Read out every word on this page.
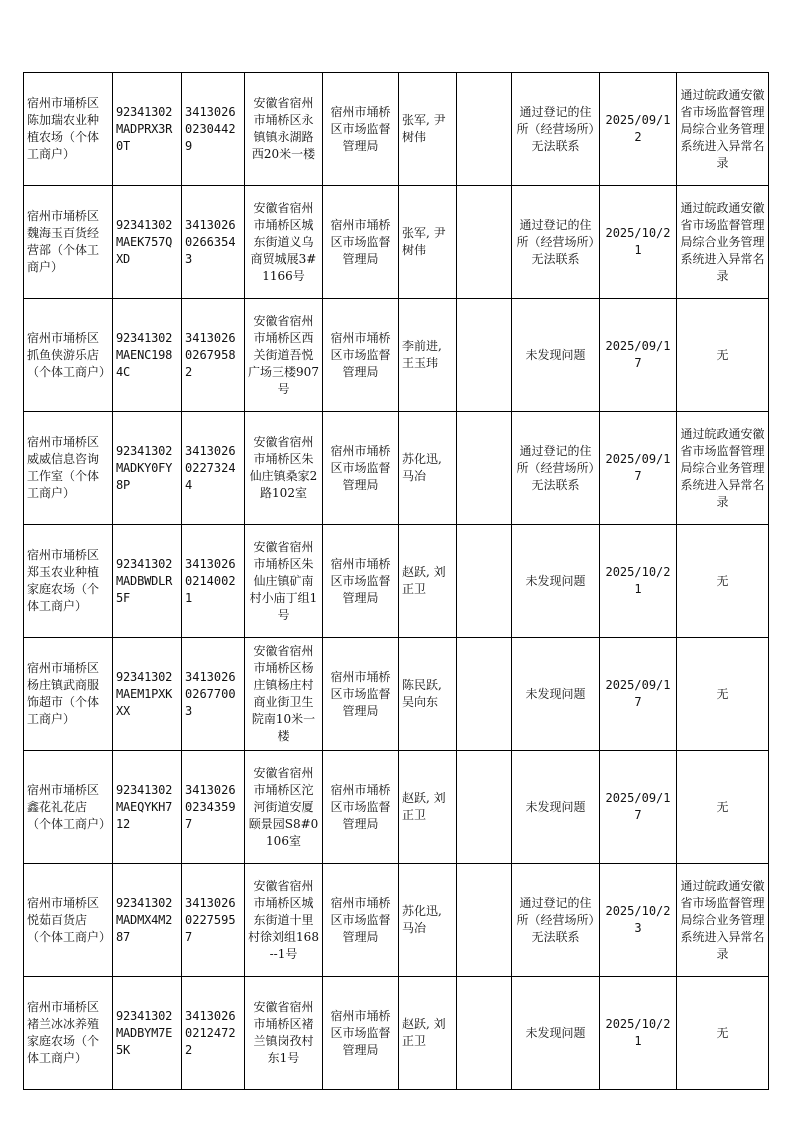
宿州市埇桥区陈加瑞农业种植农场（个体工商户）	92341302MADPRX3R0T	341302602304429	安徽省宿州市埇桥区永镇镇永湖路西20米一楼	宿州市埇桥区市场监督管理局	张军, 尹树伟		通过登记的住所（经营场所）无法联系	2025/09/12	通过皖政通安徽省市场监督管理局综合业务管理系统进入异常名录
宿州市埇桥区魏海玉百货经营部（个体工商户）	92341302MAEK757QXD	341302602663543	安徽省宿州市埇桥区城东街道义乌商贸城展3#1166号	宿州市埇桥区市场监督管理局	张军, 尹树伟		通过登记的住所（经营场所）无法联系	2025/10/21	通过皖政通安徽省市场监督管理局综合业务管理系统进入异常名录
宿州市埇桥区抓鱼侠游乐店（个体工商户）	92341302MAENC1984C	341302602679582	安徽省宿州市埇桥区西关街道吾悦广场三楼907号	宿州市埇桥区市场监督管理局	李前进, 王玉玮		未发现问题	2025/09/17	无
宿州市埇桥区威威信息咨询工作室（个体工商户）	92341302MADKY0FY8P	341302602273244	安徽省宿州市埇桥区朱仙庄镇桑家2路102室	宿州市埇桥区市场监督管理局	苏化迅, 马冶		通过登记的住所（经营场所）无法联系	2025/09/17	通过皖政通安徽省市场监督管理局综合业务管理系统进入异常名录
宿州市埇桥区郑玉农业种植家庭农场（个体工商户）	92341302MADBWDLR5F	341302602140021	安徽省宿州市埇桥区朱仙庄镇矿南村小庙丁组1号	宿州市埇桥区市场监督管理局	赵跃, 刘正卫		未发现问题	2025/10/21	无
宿州市埇桥区杨庄镇武商服饰超市（个体工商户）	92341302MAEM1PXKXX	341302602677003	安徽省宿州市埇桥区杨庄镇杨庄村商业街卫生院南10米一楼	宿州市埇桥区市场监督管理局	陈民跃, 吴向东		未发现问题	2025/09/17	无
宿州市埇桥区鑫花礼花店（个体工商户）	92341302MAEQYKH712	341302602343597	安徽省宿州市埇桥区沱河街道安厦颐景园S8#0106室	宿州市埇桥区市场监督管理局	赵跃, 刘正卫		未发现问题	2025/09/17	无
宿州市埇桥区悦茹百货店（个体工商户）	92341302MADMX4M287	341302602275957	安徽省宿州市埇桥区城东街道十里村徐刘组168--1号	宿州市埇桥区市场监督管理局	苏化迅, 马冶		通过登记的住所（经营场所）无法联系	2025/10/23	通过皖政通安徽省市场监督管理局综合业务管理系统进入异常名录
宿州市埇桥区褚兰冰冰养殖家庭农场（个体工商户）	92341302MADBYM7E5K	341302602124722	安徽省宿州市埇桥区褚兰镇岗孜村东1号	宿州市埇桥区市场监督管理局	赵跃, 刘正卫		未发现问题	2025/10/21	无
